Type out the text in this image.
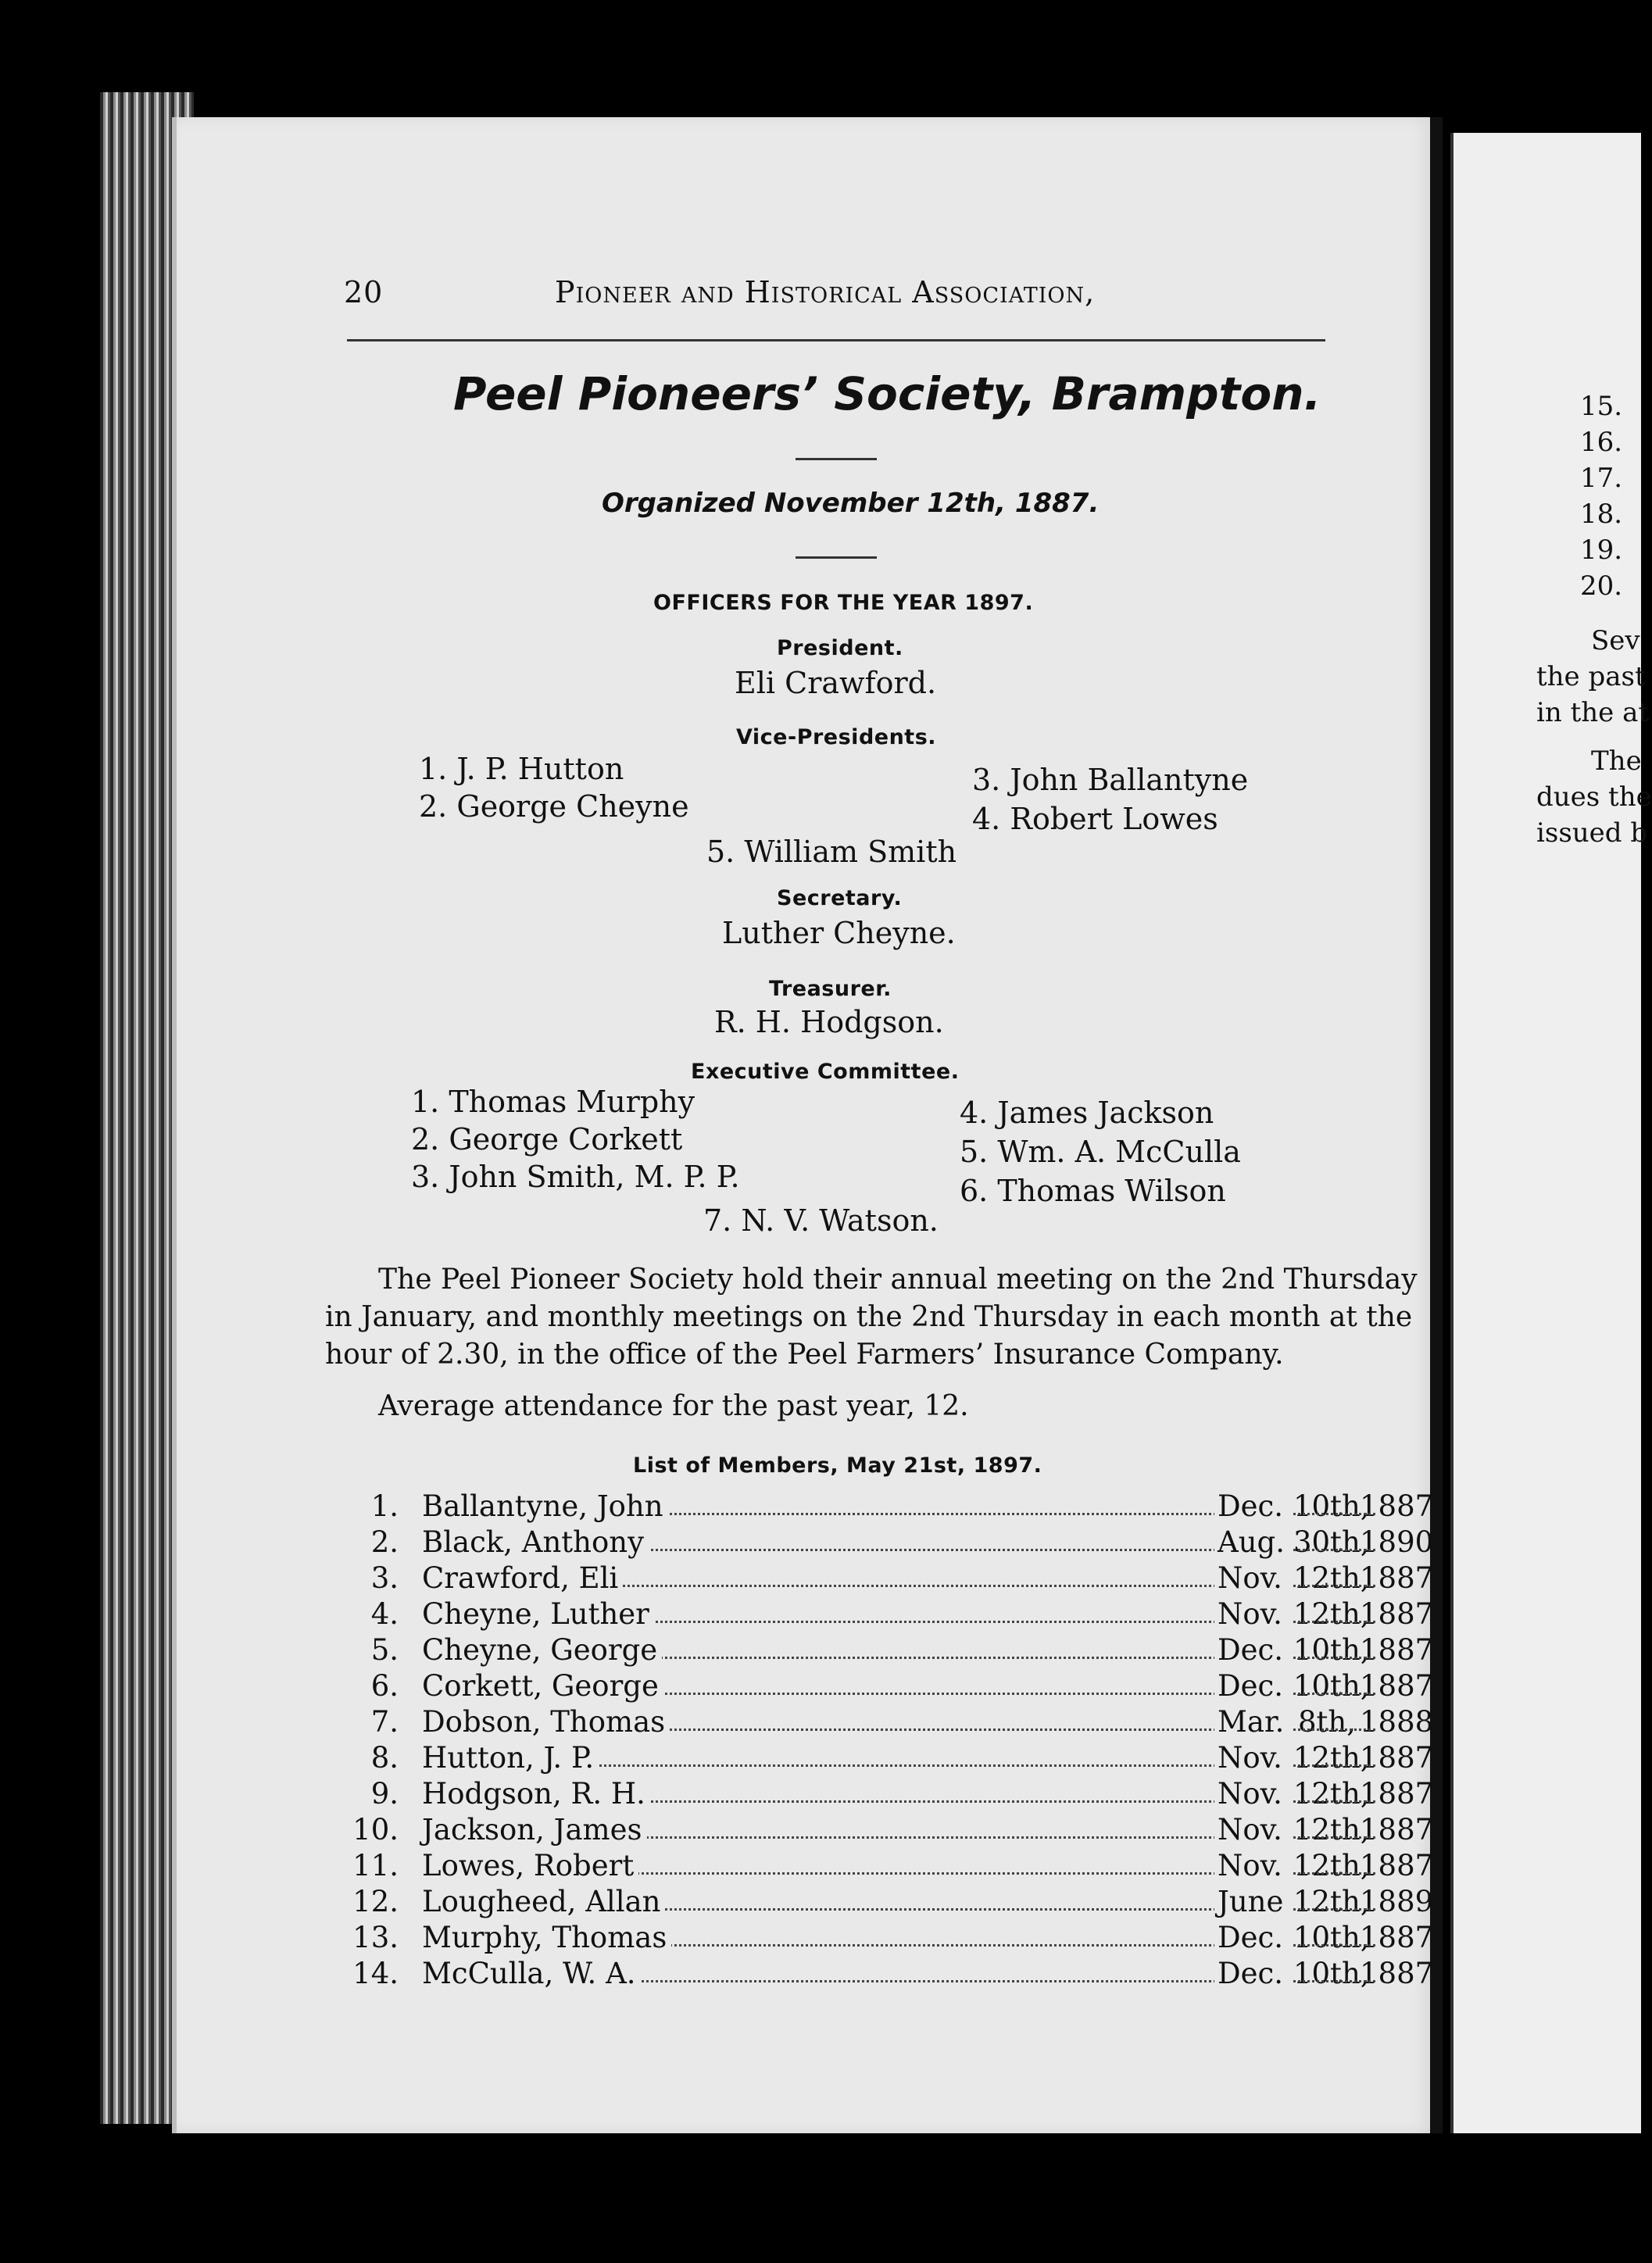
20	Pioneer and Historical Association,
Peel Pioneers’ Society, Brampton.
Organized November 12th, 1887.
OFFICERS FOR THE YEAR 1897.
President.
Eli Crawford.
Vice-Presidents.
1. J. P. Hutton
2. George Cheyne
3. John Ballantyne
4. Robert Lowes
5. William Smith
Secretary.
Luther Cheyne.
Treasurer.
R. H. Hodgson.
Executive Committee.
1. Thomas Murphy
2. George Corkett
3. John Smith, M. P. P.
4. James Jackson
5. Wm. A. McCulla
6. Thomas Wilson
7. N. V. Watson.
The Peel Pioneer Society hold their annual meeting on the 2nd Thursday
in January, and monthly meetings on the 2nd Thursday in each month at the
hour of 2.30, in the office of the Peel Farmers’ Insurance Company.
Average attendance for the past year, 12.
List of Members, May 21st, 1897.
1. Ballantyne, John	Dec. 10th,
1887.
2. Black, Anthony	Aug. 30th,
1890.
3. Crawford, Eli	Nov. 12th,
1887.
4. Cheyne, Luther	Nov. 12th,
1887.
5. Cheyne, George	Dec. 10th,
1887.
6. Corkett, George	Dec. 10th,
1887.
7. Dobson, Thomas	Mar. 8th, 1888.
8. Hutton, J. P.	Nov. 12th,
1887.
9. Hodgson, R. H.	Nov. 12th,
1887.
10. Jackson, James	Nov. 12th,
1887.
11. Lowes, Robert	Nov. 12th,
1887.
12. Lougheed, Allan	June 12th,
1889.
13. Murphy, Thomas	Dec. 10th,
1887.
14. McCulla, W. A.	Dec. 10th,
1887.
15.
16.
17.
18.
19.
20.
Sev
the past
in the at
The
dues the
issued b
